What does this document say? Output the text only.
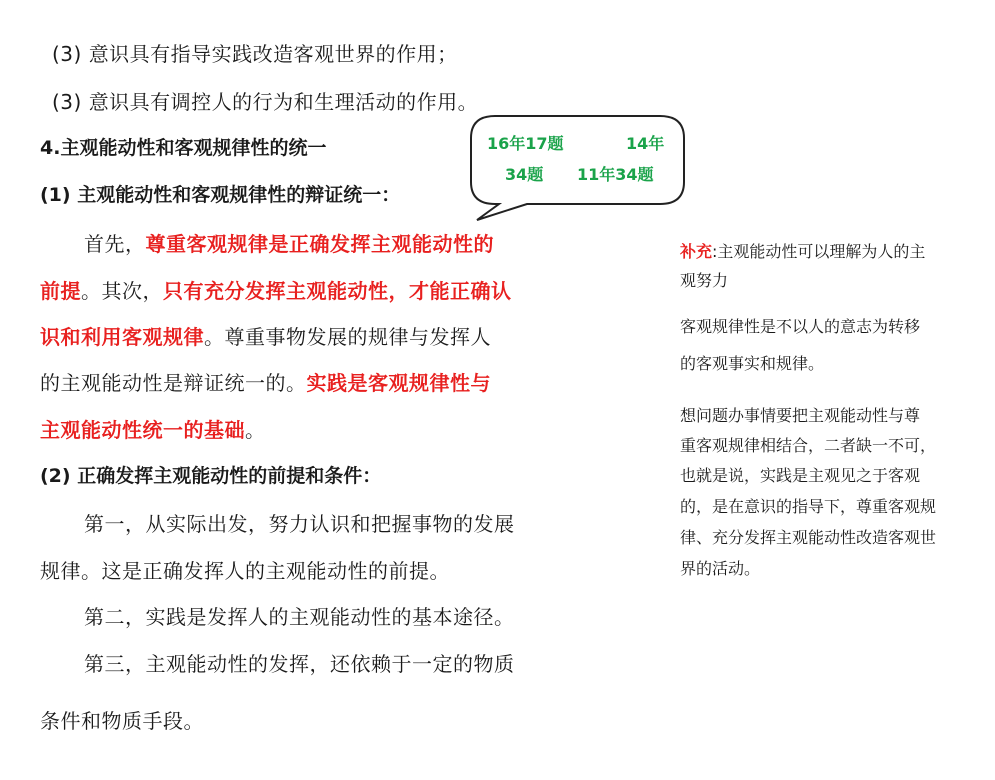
(3) 意识具有指导实践改造客观世界的作用；
(3) 意识具有调控人的行为和生理活动的作用。
4.主观能动性和客观规律性的统一	16年17题	14年
34题 11年34题
(1) 主观能动性和客观规律性的辩证统一：
首先，尊重客观规律是正确发挥主观能动性的
前提。其次，只有充分发挥主观能动性，才能正确认
识和利用客观规律。尊重事物发展的规律与发挥人
的主观能动性是辩证统一的。实践是客观规律性与
主观能动性统一的基础。
(2) 正确发挥主观能动性的前提和条件：
第一，从实际出发，努力认识和把握事物的发展
规律。这是正确发挥人的主观能动性的前提。
第二，实践是发挥人的主观能动性的基本途径。
第三，主观能动性的发挥，还依赖于一定的物质
条件和物质手段。
补充:主观能动性可以理解为人的主
观努力
客观规律性是不以人的意志为转移
的客观事实和规律。
想问题办事情要把主观能动性与尊
重客观规律相结合，二者缺一不可，
也就是说，实践是主观见之于客观
的，是在意识的指导下，尊重客观规
律、充分发挥主观能动性改造客观世
界的活动。
